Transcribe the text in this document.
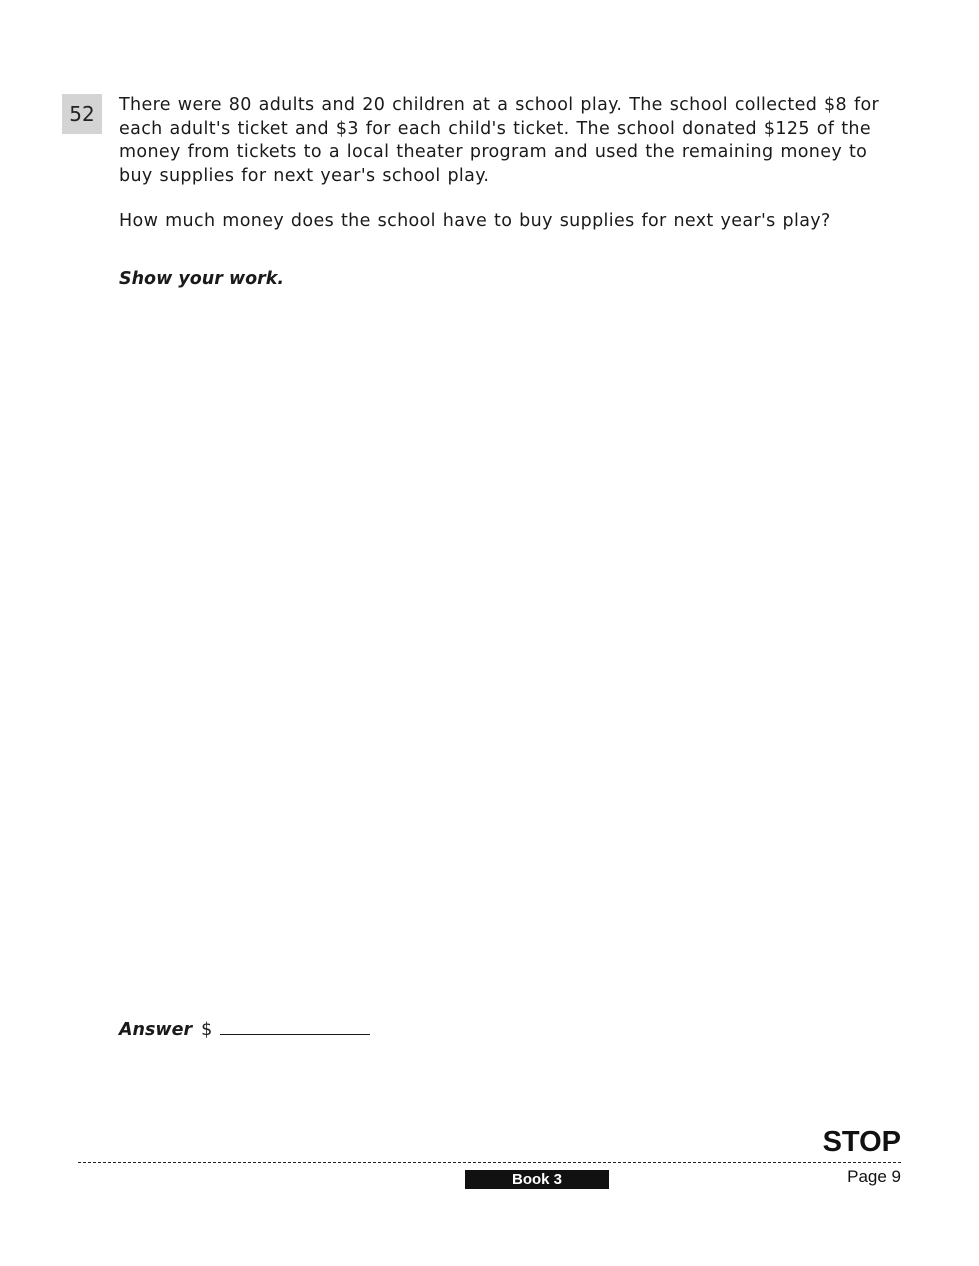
52	There were 80 adults and 20 children at a school play. The school collected $8 for each adult's ticket and $3 for each child's ticket. The school donated $125 of the money from tickets to a local theater program and used the remaining money to buy supplies for next year's school play.

How much money does the school have to buy supplies for next year's play?

Show your work.

Answer $
STOP
Book 3	Page 9
